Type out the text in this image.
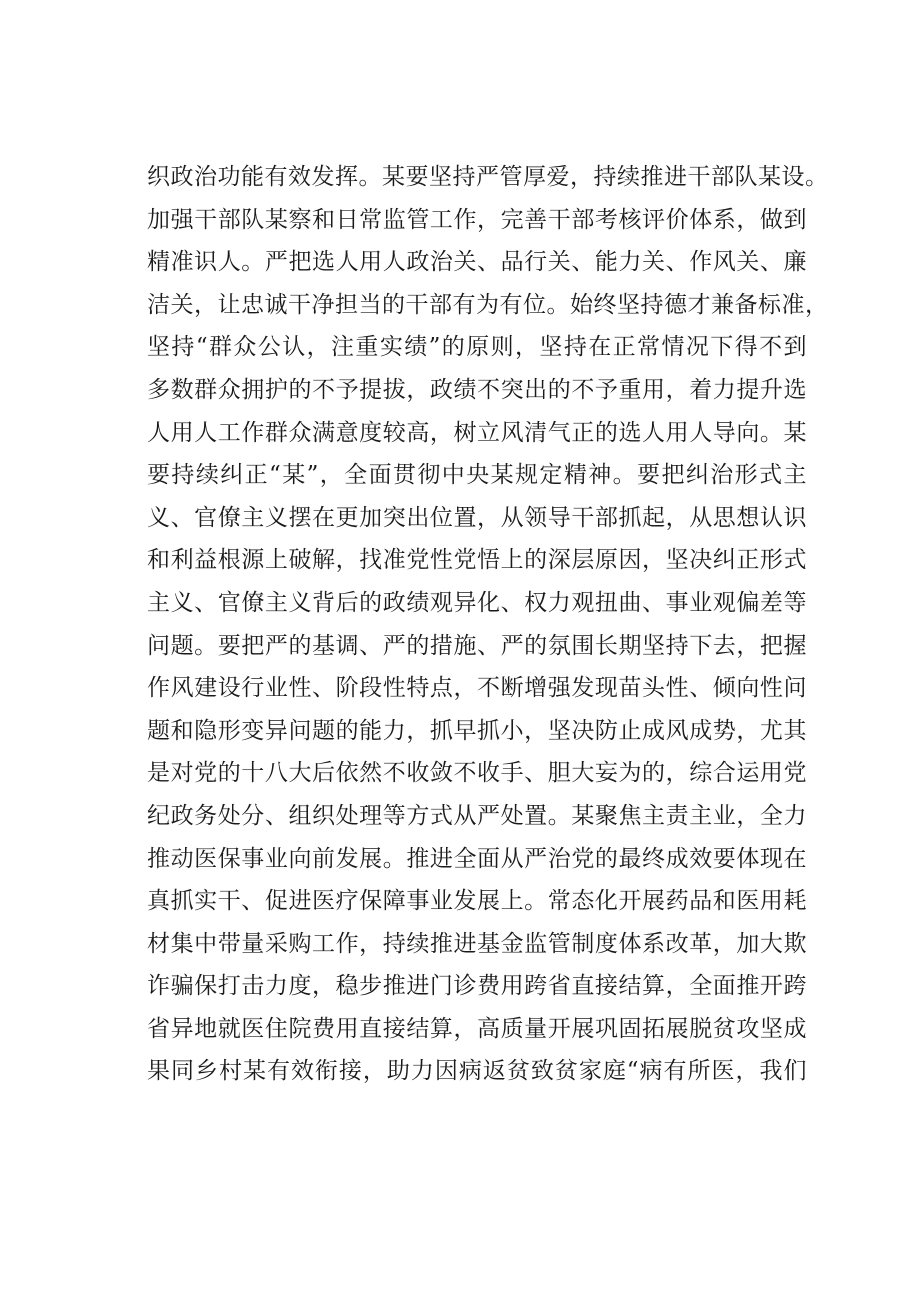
织政治功能有效发挥。某要坚持严管厚爱，持续推进干部队某设。
加强干部队某察和日常监管工作，完善干部考核评价体系，做到
精准识人。严把选人用人政治关、品行关、能力关、作风关、廉
洁关，让忠诚干净担当的干部有为有位。始终坚持德才兼备标准，
坚持“群众公认，注重实绩”的原则，坚持在正常情况下得不到
多数群众拥护的不予提拔，政绩不突出的不予重用，着力提升选
人用人工作群众满意度较高，树立风清气正的选人用人导向。某
要持续纠正“某”，全面贯彻中央某规定精神。要把纠治形式主
义、官僚主义摆在更加突出位置，从领导干部抓起，从思想认识
和利益根源上破解，找准党性党悟上的深层原因，坚决纠正形式
主义、官僚主义背后的政绩观异化、权力观扭曲、事业观偏差等
问题。要把严的基调、严的措施、严的氛围长期坚持下去，把握
作风建设行业性、阶段性特点，不断增强发现苗头性、倾向性问
题和隐形变异问题的能力，抓早抓小，坚决防止成风成势，尤其
是对党的十八大后依然不收敛不收手、胆大妄为的，综合运用党
纪政务处分、组织处理等方式从严处置。某聚焦主责主业，全力
推动医保事业向前发展。推进全面从严治党的最终成效要体现在
真抓实干、促进医疗保障事业发展上。常态化开展药品和医用耗
材集中带量采购工作，持续推进基金监管制度体系改革，加大欺
诈骗保打击力度，稳步推进门诊费用跨省直接结算，全面推开跨
省异地就医住院费用直接结算，高质量开展巩固拓展脱贫攻坚成
果同乡村某有效衔接，助力因病返贫致贫家庭“病有所医，我们
